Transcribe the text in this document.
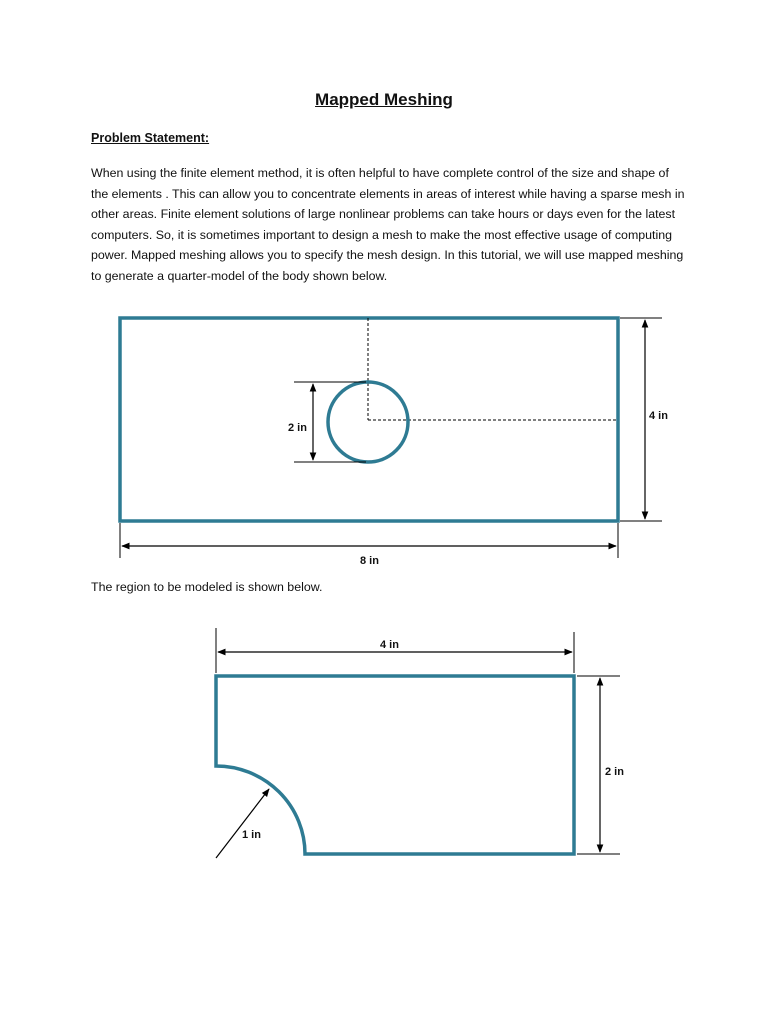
Mapped Meshing
Problem Statement:
When using the finite element method, it is often helpful to have complete control of the size and shape of the elements . This can allow you to concentrate elements in areas of interest while having a sparse mesh in other areas. Finite element solutions of large nonlinear problems can take hours or days even for the latest computers. So, it is sometimes important to design a mesh to make the most effective usage of computing power. Mapped meshing allows you to specify the mesh design. In this tutorial, we will use mapped meshing to generate a quarter-model of the body shown below.
2 in
4 in
8 in
The region to be modeled is shown below.
4 in
2 in
1 in
